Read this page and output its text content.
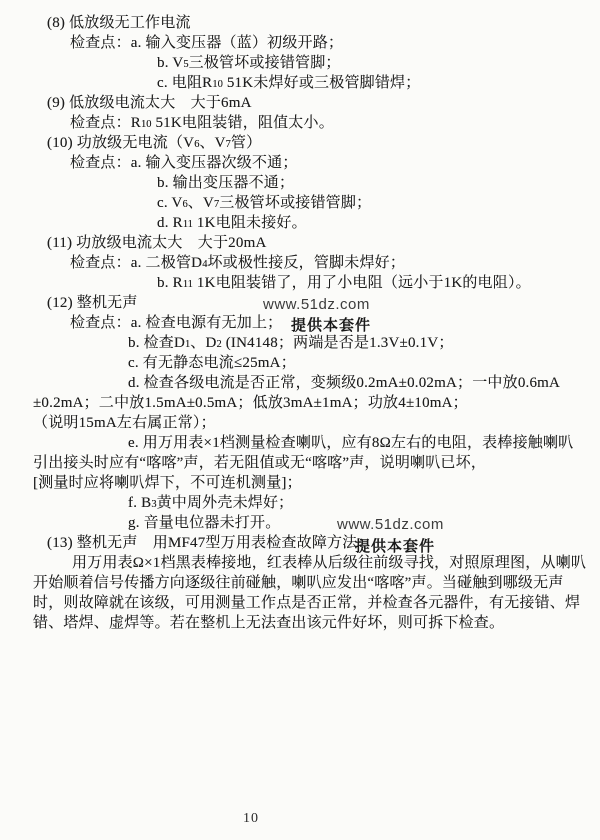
(8) 低放级无工作电流
检查点：a. 输入变压器（蓝）初级开路；
b. V5三极管坏或接错管脚；
c. 电阻R10 51K未焊好或三极管脚错焊；
(9) 低放级电流太大　大于6mA
检查点：R10 51K电阻装错，阻值太小。
(10) 功放级无电流（V6、V7管）
检查点：a. 输入变压器次级不通；
b. 输出变压器不通；
c. V6、V7三极管坏或接错管脚；
d. R11 1K电阻未接好。
(11) 功放级电流太大　大于20mA
检查点：a. 二极管D4坏或极性接反，管脚未焊好；
b. R11 1K电阻装错了，用了小电阻（远小于1K的电阻）。
(12) 整机无声
检查点：a. 检查电源有无加上；
b. 检查D1、D2 (IN4148；两端是否是1.3V±0.1V；
c. 有无静态电流≤25mA；
d. 检查各级电流是否正常，变频级0.2mA±0.02mA；一中放0.6mA
±0.2mA；二中放1.5mA±0.5mA；低放3mA±1mA；功放4±10mA；
（说明15mA左右属正常）；
e. 用万用表×1档测量检查喇叭，应有8Ω左右的电阻，表棒接触喇叭
引出接头时应有“喀喀”声，若无阻值或无“喀喀”声，说明喇叭已坏，
[测量时应将喇叭焊下，不可连机测量]；
f. B3黄中周外壳未焊好；
g. 音量电位器未打开。
(13) 整机无声　用MF47型万用表检查故障方法：
用万用表Ω×1档黑表棒接地，红表棒从后级往前级寻找，对照原理图，从喇叭
开始顺着信号传播方向逐级往前碰触，喇叭应发出“喀喀”声。当碰触到哪级无声
时，则故障就在该级，可用测量工作点是否正常，并检查各元器件，有无接错、焊
错、塔焊、虚焊等。若在整机上无法查出该元件好坏，则可拆下检查。
www.51dz.com
提供本套件
www.51dz.com
提供本套件
10
